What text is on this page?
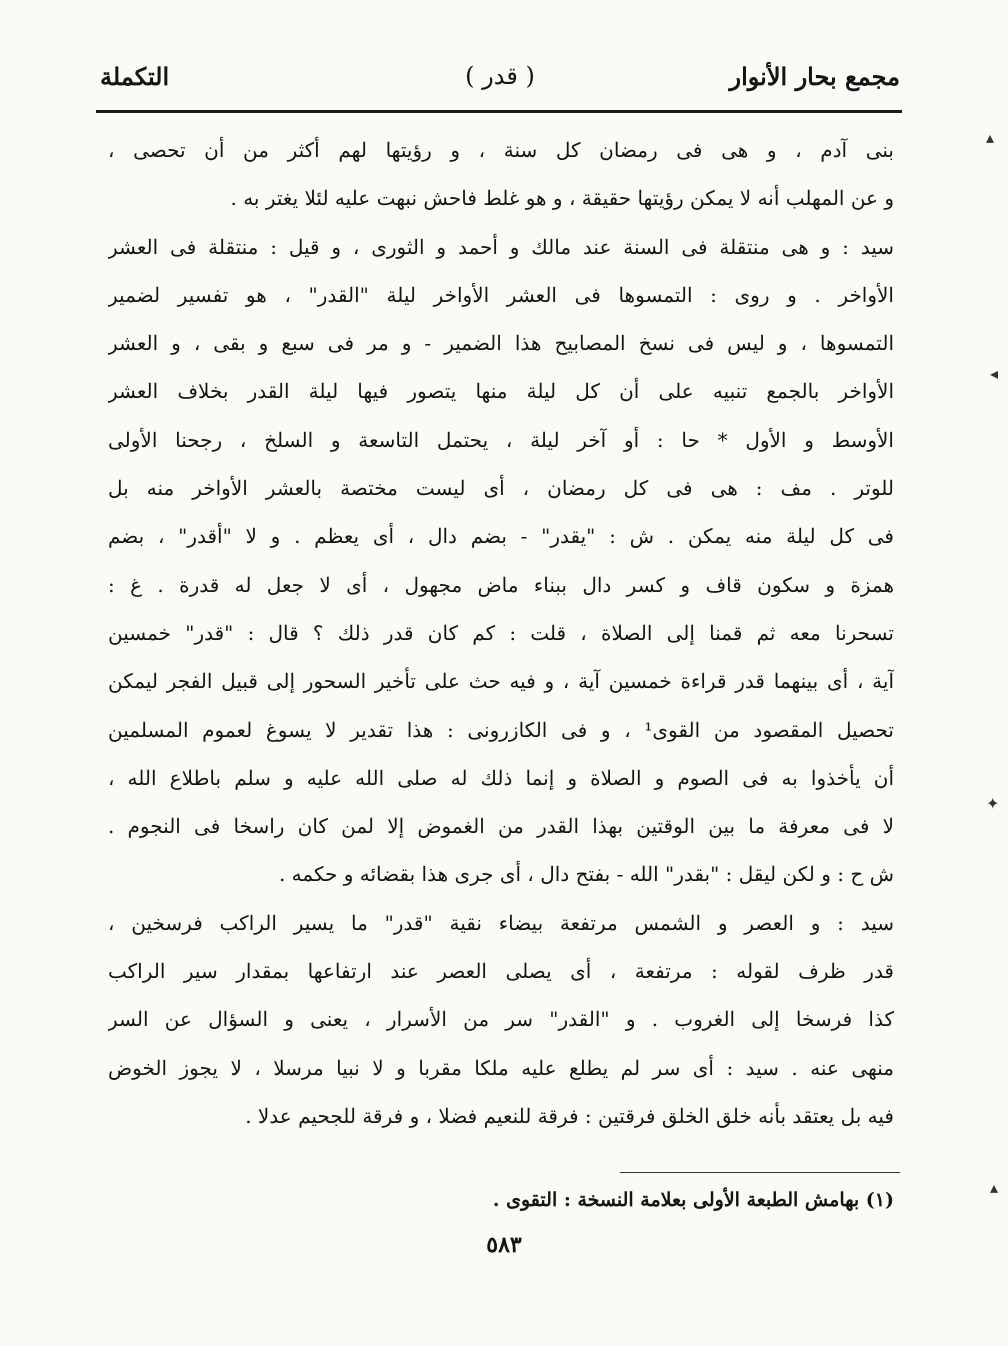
مجمع بحار الأنوار
( قدر )
التكملة
بنى آدم ، و هى فى رمضان كل سنة ، و رؤيتها لهم أكثر من أن تحصى ،
و عن المهلب أنه لا يمكن رؤيتها حقيقة ، و هو غلط فاحش نبهت عليه لئلا يغتر به .
سيد : و هى منتقلة فى السنة عند مالك و أحمد و الثورى ، و قيل : منتقلة فى العشر
الأواخر . و روى : التمسوها فى العشر الأواخر ليلة "القدر" ، هو تفسير لضمير
التمسوها ، و ليس فى نسخ المصابيح هذا الضمير - و مر فى سبع و بقى ، و العشر
الأواخر بالجمع تنبيه على أن كل ليلة منها يتصور فيها ليلة القدر بخلاف العشر
الأوسط و الأول * حا : أو آخر ليلة ، يحتمل التاسعة و السلخ ، رجحنا الأولى
للوتر . مف : هى فى كل رمضان ، أى ليست مختصة بالعشر الأواخر منه بل
فى كل ليلة منه يمكن . ش : "يقدر" - بضم دال ، أى يعظم . و لا "أقدر" ، بضم
همزة و سكون قاف و كسر دال ببناء ماض مجهول ، أى لا جعل له قدرة . غ :
تسحرنا معه ثم قمنا إلى الصلاة ، قلت : كم كان قدر ذلك ؟ قال : "قدر" خمسين
آية ، أى بينهما قدر قراءة خمسين آية ، و فيه حث على تأخير السحور إلى قبيل الفجر ليمكن
تحصيل المقصود من القوى¹ ، و فى الكازرونى : هذا تقدير لا يسوغ لعموم المسلمين
أن يأخذوا به فى الصوم و الصلاة و إنما ذلك له صلى الله عليه و سلم باطلاع الله ،
لا فى معرفة ما بين الوقتين بهذا القدر من الغموض إلا لمن كان راسخا فى النجوم .
ش ح : و لكن ليقل : "بقدر" الله - بفتح دال ، أى جرى هذا بقضائه و حكمه .
سيد : و العصر و الشمس مرتفعة بيضاء نقية "قدر" ما يسير الراكب فرسخين ،
قدر ظرف لقوله : مرتفعة ، أى يصلى العصر عند ارتفاعها بمقدار سير الراكب
كذا فرسخا إلى الغروب . و "القدر" سر من الأسرار ، يعنى و السؤال عن السر
منهى عنه . سيد : أى سر لم يطلع عليه ملكا مقربا و لا نبيا مرسلا ، لا يجوز الخوض
فيه بل يعتقد بأنه خلق الخلق فرقتين : فرقة للنعيم فضلا ، و فرقة للجحيم عدلا .
(١) بهامش الطبعة الأولى بعلامة النسخة : التقوى .
٥٨٣
▴
◂
✦
▴
